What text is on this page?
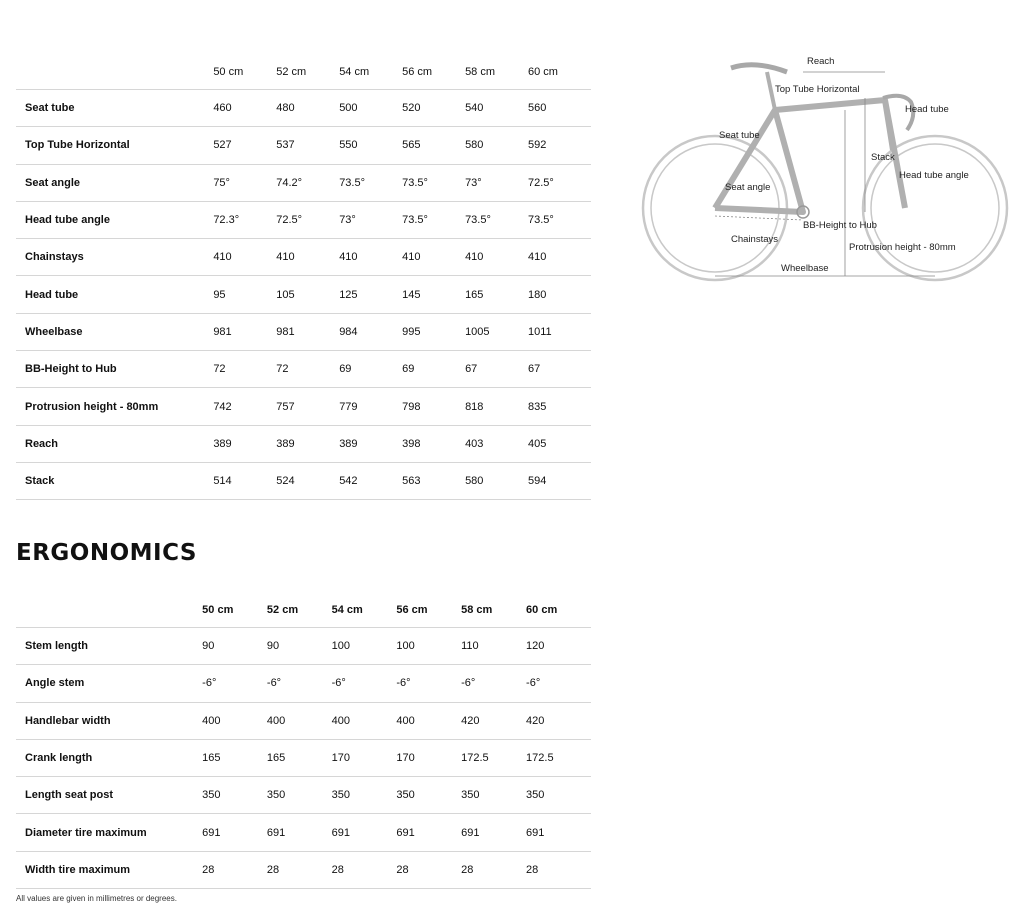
	50 cm	52 cm	54 cm	56 cm	58 cm	60 cm
Seat tube	460	480	500	520	540	560
Top Tube Horizontal	527	537	550	565	580	592
Seat angle	75°	74.2°	73.5°	73.5°	73°	72.5°
Head tube angle	72.3°	72.5°	73°	73.5°	73.5°	73.5°
Chainstays	410	410	410	410	410	410
Head tube	95	105	125	145	165	180
Wheelbase	981	981	984	995	1005	1011
BB-Height to Hub	72	72	69	69	67	67
Protrusion height - 80mm	742	757	779	798	818	835
Reach	389	389	389	398	403	405
Stack	514	524	542	563	580	594
ERGONOMICS
	50 cm	52 cm	54 cm	56 cm	58 cm	60 cm
Stem length	90	90	100	100	110	120
Angle stem	-6°	-6°	-6°	-6°	-6°	-6°
Handlebar width	400	400	400	400	420	420
Crank length	165	165	170	170	172.5	172.5
Length seat post	350	350	350	350	350	350
Diameter tire maximum	691	691	691	691	691	691
Width tire maximum	28	28	28	28	28	28
All values are given in millimetres or degrees.
Reach
Top Tube Horizontal
Head tube
Seat tube
Stack
Head tube angle
Seat angle
BB-Height to Hub
Chainstays
Protrusion height - 80mm
Wheelbase
